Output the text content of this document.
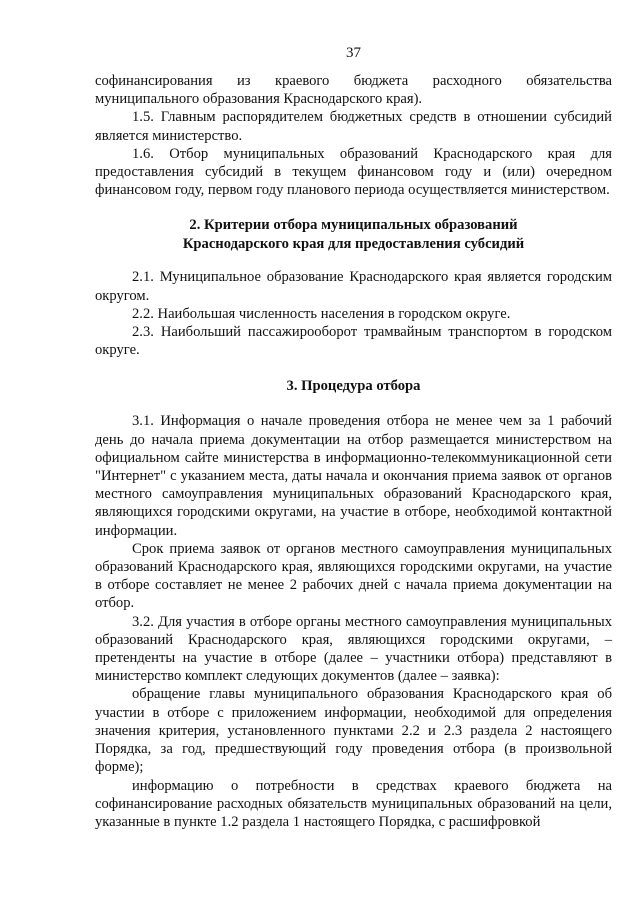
37

софинансирования из краевого бюджета расходного обязательства муниципального образования Краснодарского края).

1.5. Главным распорядителем бюджетных средств в отношении субсидий является министерство.

1.6. Отбор муниципальных образований Краснодарского края для предоставления субсидий в текущем финансовом году и (или) очередном финансовом году, первом году планового периода осуществляется министерством.

2. Критерии отбора муниципальных образований
Краснодарского края для предоставления субсидий

2.1. Муниципальное образование Краснодарского края является городским округом.

2.2. Наибольшая численность населения в городском округе.

2.3. Наибольший пассажирооборот трамвайным транспортом в городском округе.

3. Процедура отбора

3.1. Информация о начале проведения отбора не менее чем за 1 рабочий день до начала приема документации на отбор размещается министерством на официальном сайте министерства в информационно-телекоммуникационной сети "Интернет" с указанием места, даты начала и окончания приема заявок от органов местного самоуправления муниципальных образований Краснодарского края, являющихся городскими округами, на участие в отборе, необходимой контактной информации.

Срок приема заявок от органов местного самоуправления муниципальных образований Краснодарского края, являющихся городскими округами, на участие в отборе составляет не менее 2 рабочих дней с начала приема документации на отбор.

3.2. Для участия в отборе органы местного самоуправления муниципальных образований Краснодарского края, являющихся городскими округами, – претенденты на участие в отборе (далее – участники отбора) представляют в министерство комплект следующих документов (далее – заявка):

обращение главы муниципального образования Краснодарского края об участии в отборе с приложением информации, необходимой для определения значения критерия, установленного пунктами 2.2 и 2.3 раздела 2 настоящего Порядка, за год, предшествующий году проведения отбора (в произвольной форме);

информацию о потребности в средствах краевого бюджета на софинансирование расходных обязательств муниципальных образований на цели, указанные в пункте 1.2 раздела 1 настоящего Порядка, с расшифровкой
